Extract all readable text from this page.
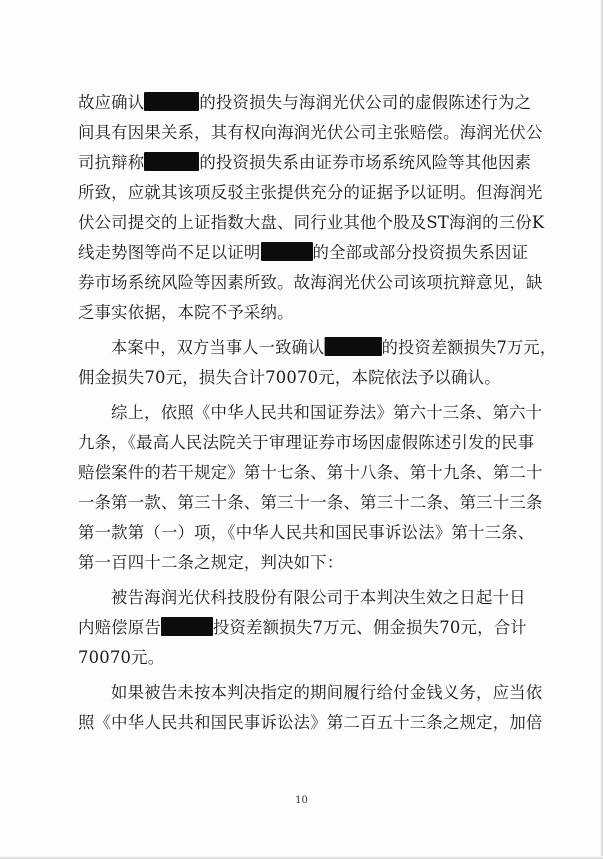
故应确认	的投资损失与海润光伏公司的虚假陈述行为之
间具有因果关系，其有权向海润光伏公司主张赔偿。海润光伏公
司抗辩称	的投资损失系由证券市场系统风险等其他因素
所致，应就其该项反驳主张提供充分的证据予以证明。但海润光
伏公司提交的上证指数大盘、同行业其他个股及ST海润的三份K
线走势图等尚不足以证明	的全部或部分投资损失系因证
券市场系统风险等因素所致。故海润光伏公司该项抗辩意见，缺
乏事实依据，本院不予采纳。
本案中，双方当事人一致确认	的投资差额损失7万元，
佣金损失70元，损失合计70070元，本院依法予以确认。
综上，依照《中华人民共和国证券法》第六十三条、第六十
九条，《最高人民法院关于审理证券市场因虚假陈述引发的民事
赔偿案件的若干规定》第十七条、第十八条、第十九条、第二十
一条第一款、第三十条、第三十一条、第三十二条、第三十三条
第一款第（一）项，《中华人民共和国民事诉讼法》第十三条、
第一百四十二条之规定，判决如下：
被告海润光伏科技股份有限公司于本判决生效之日起十日
内赔偿原告	投资差额损失7万元、佣金损失70元，合计
70070元。
如果被告未按本判决指定的期间履行给付金钱义务，应当依
照《中华人民共和国民事诉讼法》第二百五十三条之规定，加倍
10
